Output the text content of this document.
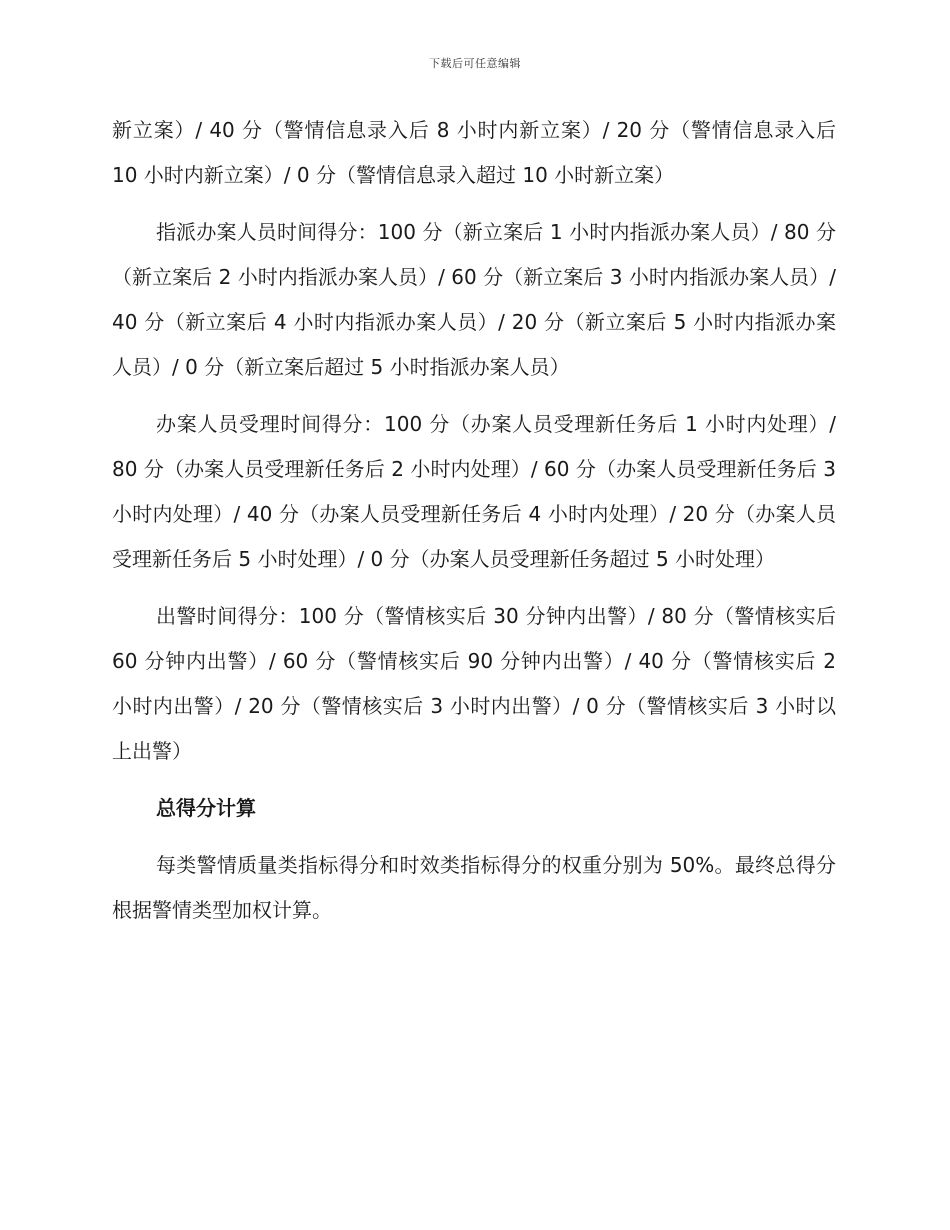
下载后可任意编辑

新立案）/ 40 分（警情信息录入后 8 小时内新立案）/ 20 分（警情信息录入后 10 小时内新立案）/ 0 分（警情信息录入超过 10 小时新立案）

指派办案人员时间得分：100 分（新立案后 1 小时内指派办案人员）/ 80 分（新立案后 2 小时内指派办案人员）/ 60 分（新立案后 3 小时内指派办案人员）/ 40 分（新立案后 4 小时内指派办案人员）/ 20 分（新立案后 5 小时内指派办案人员）/ 0 分（新立案后超过 5 小时指派办案人员）

办案人员受理时间得分：100 分（办案人员受理新任务后 1 小时内处理）/ 80 分（办案人员受理新任务后 2 小时内处理）/ 60 分（办案人员受理新任务后 3 小时内处理）/ 40 分（办案人员受理新任务后 4 小时内处理）/ 20 分（办案人员受理新任务后 5 小时处理）/ 0 分（办案人员受理新任务超过 5 小时处理）

出警时间得分：100 分（警情核实后 30 分钟内出警）/ 80 分（警情核实后 60 分钟内出警）/ 60 分（警情核实后 90 分钟内出警）/ 40 分（警情核实后 2 小时内出警）/ 20 分（警情核实后 3 小时内出警）/ 0 分（警情核实后 3 小时以上出警）

总得分计算

每类警情质量类指标得分和时效类指标得分的权重分别为 50%。最终总得分根据警情类型加权计算。
